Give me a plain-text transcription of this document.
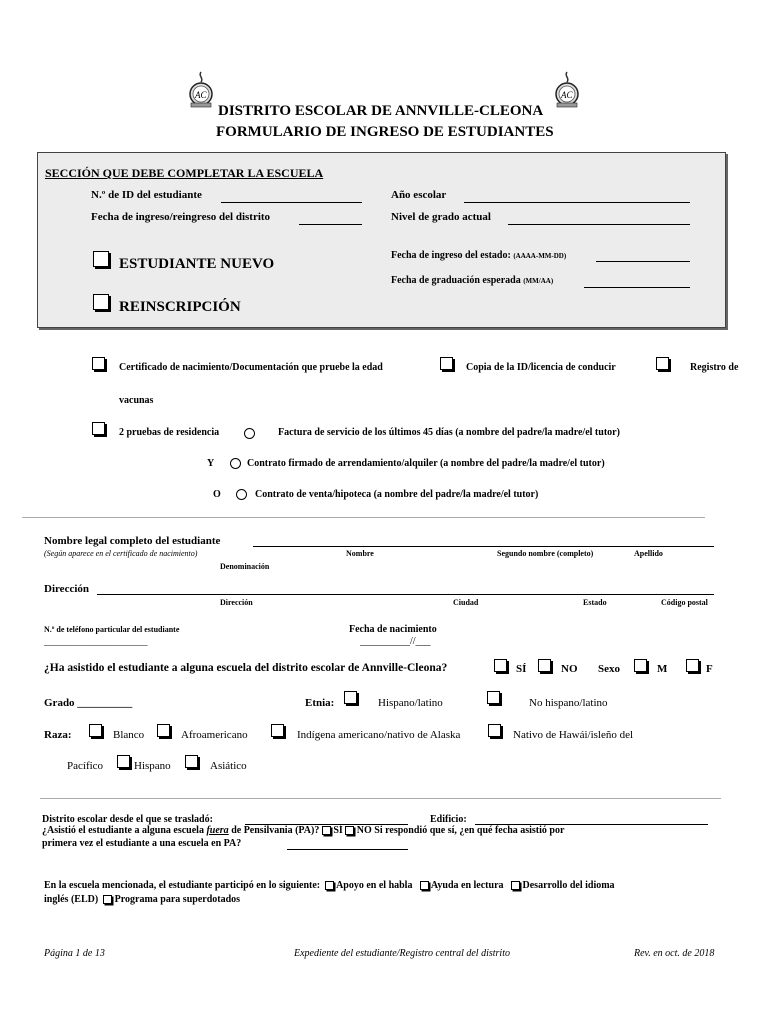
AC	AC
DISTRITO ESCOLAR DE ANNVILLE-CLEONA
FORMULARIO DE INGRESO DE ESTUDIANTES
SECCIÓN QUE DEBE COMPLETAR LA ESCUELA
N.º de ID del estudiante	Año escolar
Fecha de ingreso/reingreso del distrito	Nivel de grado actual
ESTUDIANTE NUEVO
Fecha de ingreso del estado: (AAAA-MM-DD)
Fecha de graduación esperada (MM/AA)
REINSCRIPCIÓN
Certificado de nacimiento/Documentación que pruebe la edad	Copia de la ID/licencia de conducir	Registro de
vacunas
2 pruebas de residencia	Factura de servicio de los últimos 45 días (a nombre del padre/la madre/el tutor)
Y	Contrato firmado de arrendamiento/alquiler (a nombre del padre/la madre/el tutor)
O	Contrato de venta/hipoteca (a nombre del padre/la madre/el tutor)
Nombre legal completo del estudiante
(Según aparece en el certificado de nacimiento)	Nombre	Segundo nombre (completo)	Apellido
Denominación
Dirección
Dirección	Ciudad	Estado	Código postal
N.º de teléfono particular del estudiante
_______________________
Fecha de nacimiento
__________//___
¿Ha asistido el estudiante a alguna escuela del distrito escolar de Annville-Cleona?	SÍ	NO Sexo	M	F
Grado __________	Etnia:	Hispano/latino	No hispano/latino
Raza:	Blanco	Afroamericano	Indígena americano/nativo de Alaska	Nativo de Hawái/isleño del
Pacífico	Hispano	Asiático
Distrito escolar desde el que se trasladó:	Edificio:
¿Asistió el estudiante a alguna escuela fuera de Pensilvania (PA)? SÍ NO Si respondió que sí, ¿en qué fecha asistió por
primera vez el estudiante a una escuela en PA?
En la escuela mencionada, el estudiante participó en lo siguiente: Apoyo en el habla Ayuda en lectura Desarrollo del idioma
inglés (ELD) Programa para superdotados
Página 1 de 13	Expediente del estudiante/Registro central del distrito	Rev. en oct. de 2018
